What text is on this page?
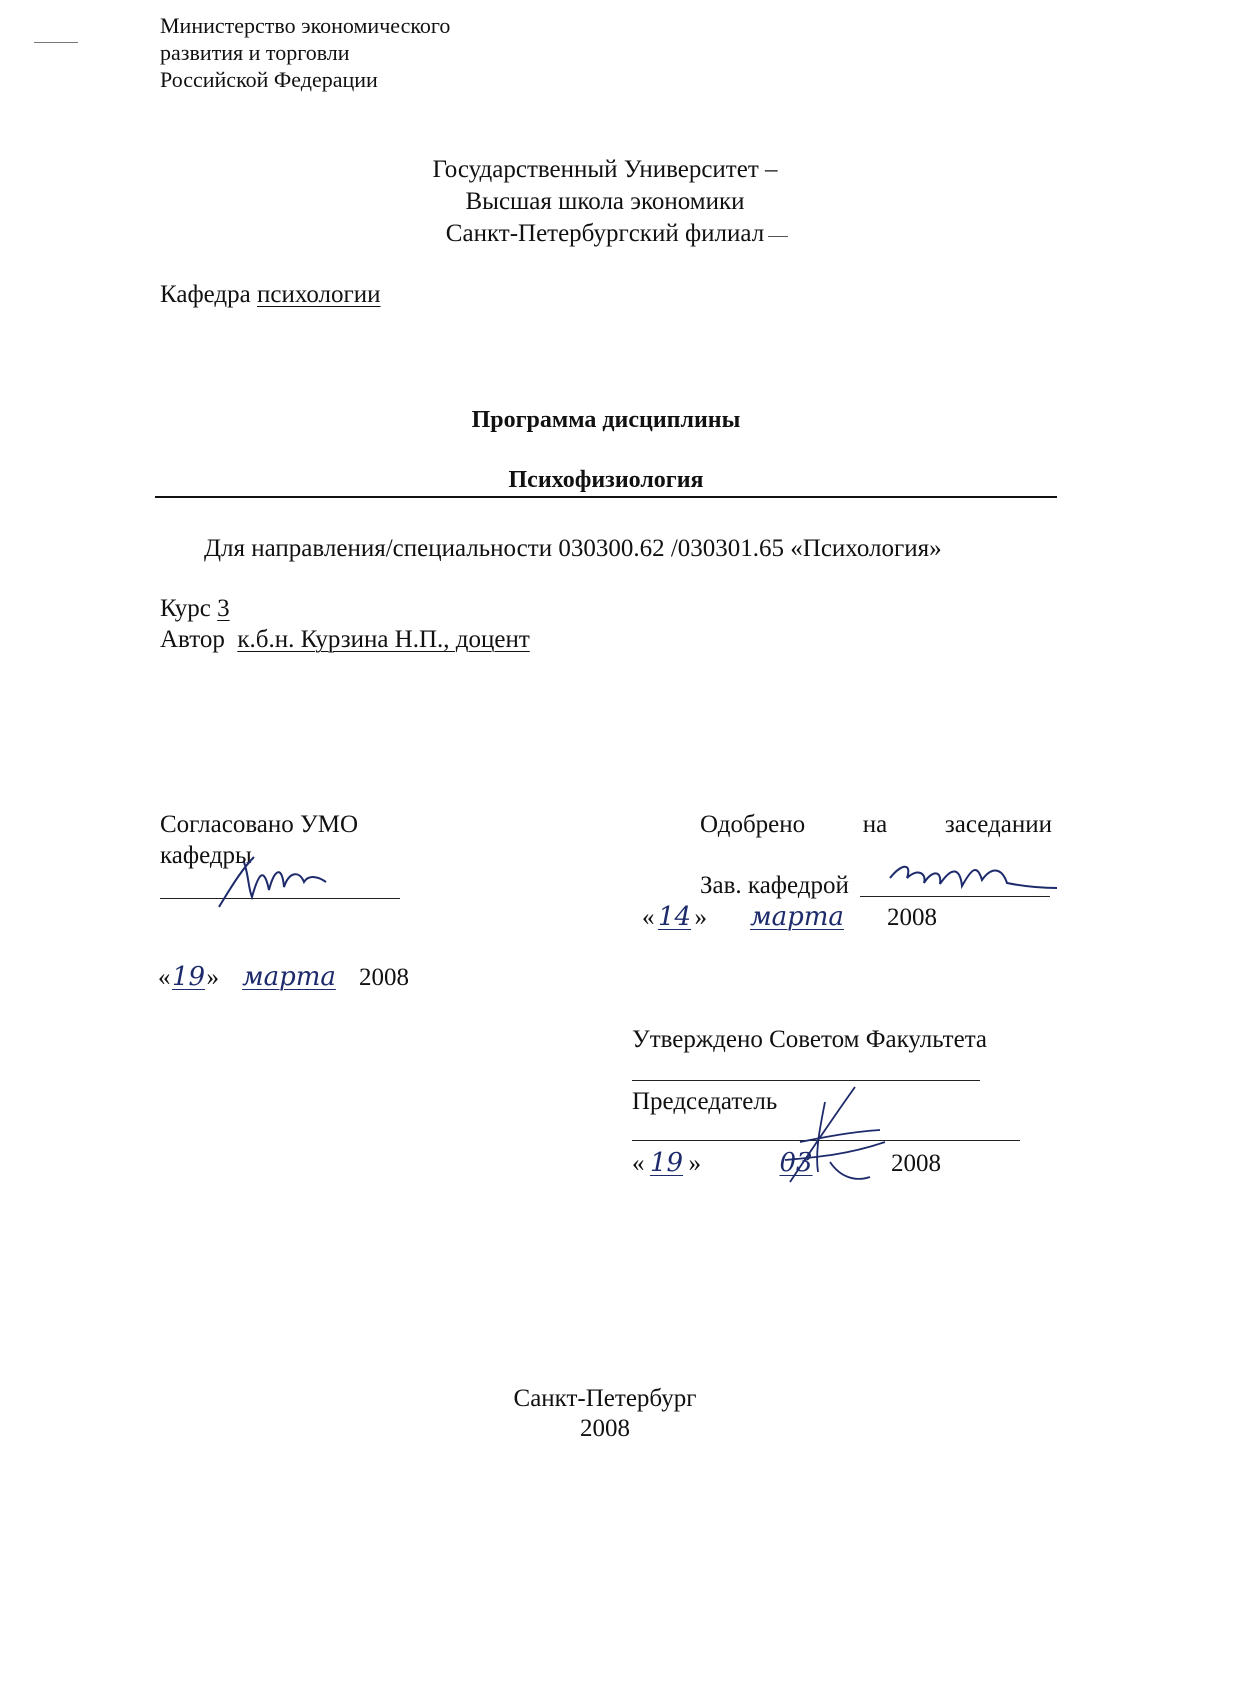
Министерство экономического
развития и торговли
Российской Федерации
Государственный Университет –
Высшая школа экономики
Санкт-Петербургский филиал
Кафедра психологии
Программа дисциплины
Психофизиология
Для направления/специальности 030300.62 /030301.65 «Психология»
Курс 3
Автор к.б.н. Курзина Н.П., доцент
Согласовано УМО
кафедры
«19» марта 2008
Одобрено на заседании
Зав. кафедрой
« 14 » марта 2008
Утверждено Советом Факультета
Председатель
« 19 »	03	2008
Санкт-Петербург
2008
